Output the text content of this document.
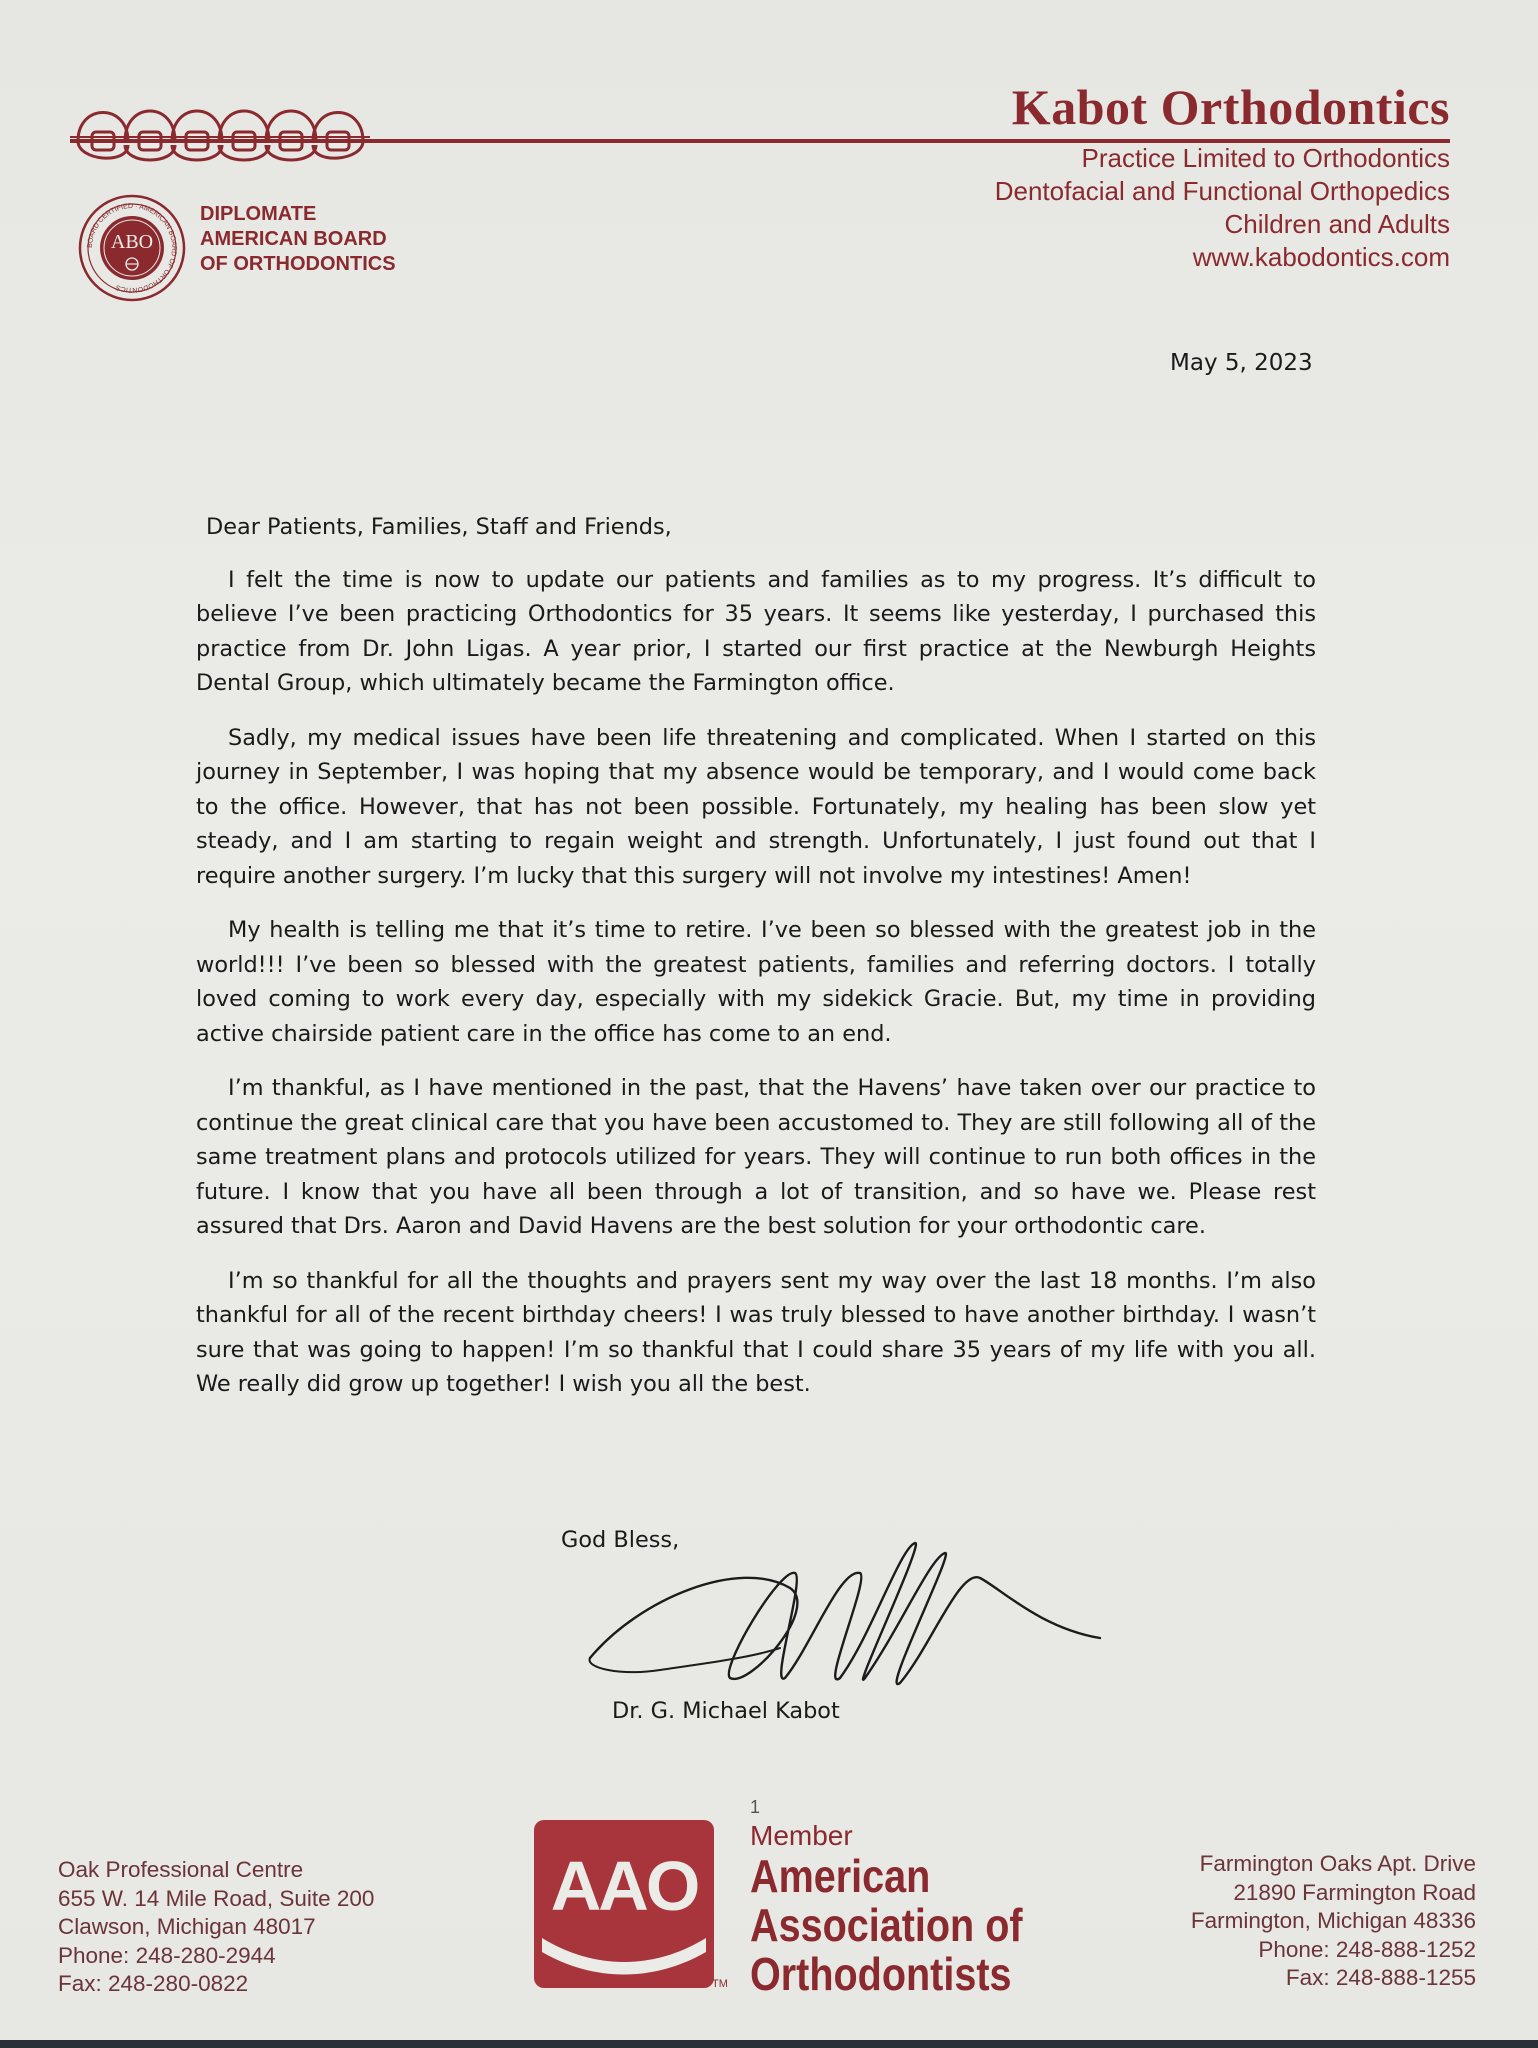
Kabot Orthodontics
Practice Limited to Orthodontics
Dentofacial and Functional Orthopedics
Children and Adults
www.kabodontics.com
ABO
BOARD CERTIFIED · AMERICAN BOARD OF ORTHODONTICS
DIPLOMATE
AMERICAN BOARD
OF ORTHODONTICS
May 5, 2023

Dear Patients, Families, Staff and Friends,

I felt the time is now to update our patients and families as to my progress. It’s difficult to believe I’ve been practicing Orthodontics for 35 years. It seems like yesterday, I purchased this practice from Dr. John Ligas. A year prior, I started our first practice at the Newburgh Heights Dental Group, which ultimately became the Farmington office.

Sadly, my medical issues have been life threatening and complicated. When I started on this journey in September, I was hoping that my absence would be temporary, and I would come back to the office. However, that has not been possible. Fortunately, my healing has been slow yet steady, and I am starting to regain weight and strength. Unfortunately, I just found out that I require another surgery. I’m lucky that this surgery will not involve my intestines! Amen!

My health is telling me that it’s time to retire. I’ve been so blessed with the greatest job in the world!!! I’ve been so blessed with the greatest patients, families and referring doctors. I totally loved coming to work every day, especially with my sidekick Gracie. But, my time in providing active chairside patient care in the office has come to an end.

I’m thankful, as I have mentioned in the past, that the Havens’ have taken over our practice to continue the great clinical care that you have been accustomed to. They are still following all of the same treatment plans and protocols utilized for years. They will continue to run both offices in the future. I know that you have all been through a lot of transition, and so have we. Please rest assured that Drs. Aaron and David Havens are the best solution for your orthodontic care.

I’m so thankful for all the thoughts and prayers sent my way over the last 18 months. I’m also thankful for all of the recent birthday cheers! I was truly blessed to have another birthday. I wasn’t sure that was going to happen! I’m so thankful that I could share 35 years of my life with you all. We really did grow up together! I wish you all the best.

God Bless,
Dr. G. Michael Kabot
Oak Professional Centre
655 W. 14 Mile Road, Suite 200
Clawson, Michigan 48017
Phone: 248-280-2944
Fax: 248-280-0822
AAO
TM
1
Member
American
Association of
Orthodontists
Farmington Oaks Apt. Drive
21890 Farmington Road
Farmington, Michigan 48336
Phone: 248-888-1252
Fax: 248-888-1255
